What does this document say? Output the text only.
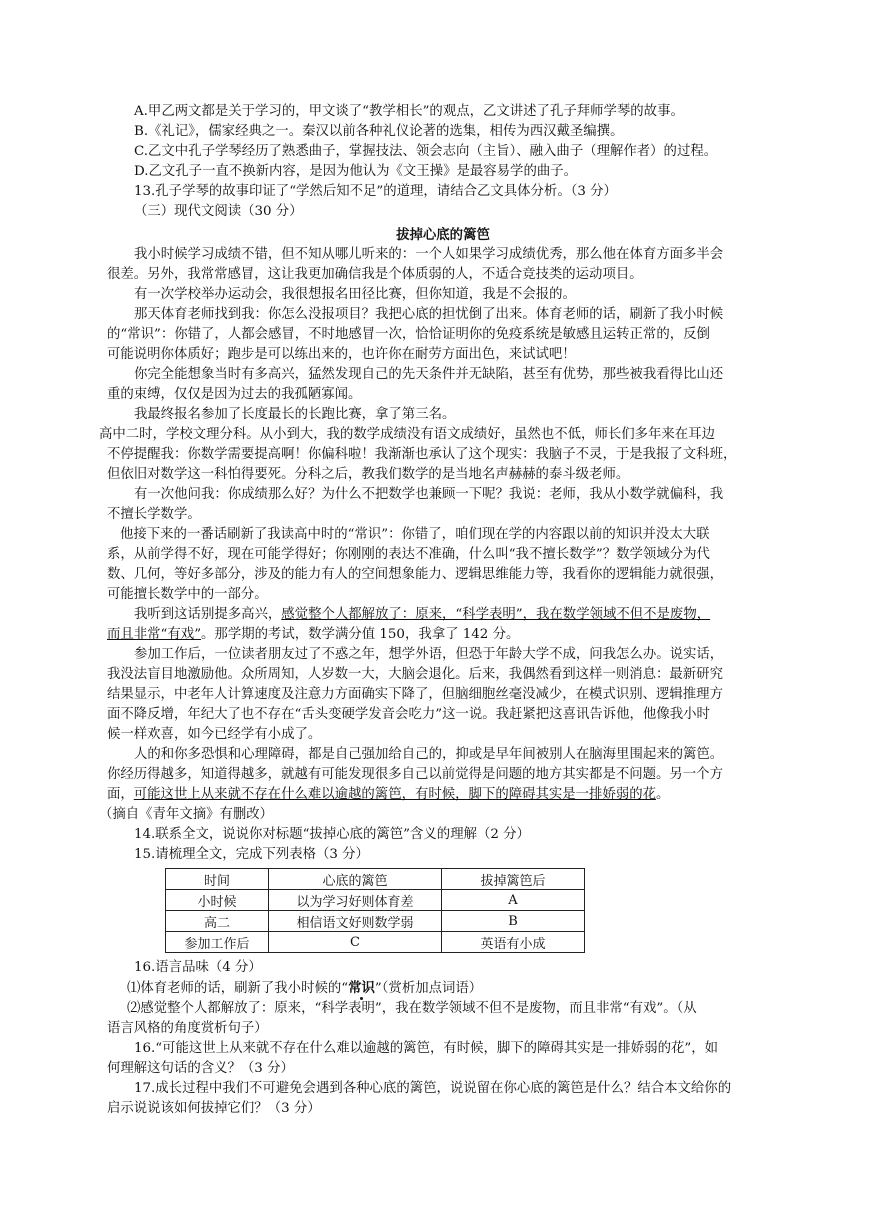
A.甲乙两文都是关于学习的，甲文谈了“教学相长”的观点，乙文讲述了孔子拜师学琴的故事。

B.《礼记》，儒家经典之一。秦汉以前各种礼仪论著的选集，相传为西汉戴圣编撰。

C.乙文中孔子学琴经历了熟悉曲子，掌握技法、领会志向（主旨）、融入曲子（理解作者）的过程。

D.乙文孔子一直不换新内容，是因为他认为《文王操》是最容易学的曲子。

13.孔子学琴的故事印证了“学然后知不足”的道理，请结合乙文具体分析。（3 分）

（三）现代文阅读（30 分）

拔掉心底的篱笆

我小时候学习成绩不错，但不知从哪儿听来的：一个人如果学习成绩优秀，那么他在体育方面多半会

很差。另外，我常常感冒，这让我更加确信我是个体质弱的人，不适合竞技类的运动项目。

有一次学校举办运动会，我很想报名田径比赛，但你知道，我是不会报的。

那天体育老师找到我：你怎么没报项目？我把心底的担忧倒了出来。体育老师的话，刷新了我小时候

的“常识”：你错了，人都会感冒，不时地感冒一次，恰恰证明你的免疫系统是敏感且运转正常的，反倒

可能说明你体质好；跑步是可以练出来的，也许你在耐劳方面出色，来试试吧！

你完全能想象当时有多高兴，猛然发现自己的先天条件并无缺陷，甚至有优势，那些被我看得比山还

重的束缚，仅仅是因为过去的我孤陋寡闻。

我最终报名参加了长度最长的长跑比赛，拿了第三名。

高中二时，学校文理分科。从小到大，我的数学成绩没有语文成绩好，虽然也不低，师长们多年来在耳边

不停提醒我：你数学需要提高啊！你偏科啦！我渐渐也承认了这个现实：我脑子不灵，于是我报了文科班，

但依旧对数学这一科怕得要死。分科之后，教我们数学的是当地名声赫赫的泰斗级老师。

有一次他问我：你成绩那么好？为什么不把数学也兼顾一下呢？我说：老师，我从小数学就偏科，我

不擅长学数学。

他接下来的一番话刷新了我读高中时的“常识”：你错了，咱们现在学的内容跟以前的知识并没太大联

系，从前学得不好，现在可能学得好；你刚刚的表达不准确，什么叫“我不擅长数学”？数学领域分为代

数、几何，等好多部分，涉及的能力有人的空间想象能力、逻辑思维能力等，我看你的逻辑能力就很强，

可能擅长数学中的一部分。

我听到这话别提多高兴，感觉整个人都解放了：原来，“科学表明”，我在数学领域不但不是废物，

而且非常“有戏”。那学期的考试，数学满分值 150，我拿了 142 分。

参加工作后，一位读者朋友过了不惑之年，想学外语，但恐于年龄大学不成，问我怎么办。说实话，

我没法盲目地激励他。众所周知，人岁数一大，大脑会退化。后来，我偶然看到这样一则消息：最新研究

结果显示，中老年人计算速度及注意力方面确实下降了，但脑细胞丝毫没减少，在模式识别、逻辑推理方

面不降反增，年纪大了也不存在“舌头变硬学发音会吃力”这一说。我赶紧把这喜讯告诉他，他像我小时

候一样欢喜，如今已经学有小成了。

人的和你多恐惧和心理障碍，都是自己强加给自己的，抑或是早年间被别人在脑海里围起来的篱笆。

你经历得越多，知道得越多，就越有可能发现很多自己以前觉得是问题的地方其实都是不问题。另一个方

面，可能这世上从来就不存在什么难以逾越的篱笆，有时候，脚下的障碍其实是一排娇弱的花。

（摘自《青年文摘》有删改）

14.联系全文，说说你对标题“拔掉心底的篱笆”含义的理解（2 分）

15.请梳理全文，完成下列表格（3 分）

时间	心底的篱笆	拔掉篱笆后
小时候	以为学习好则体育差	A
高二	相信语文好则数学弱	B
参加工作后	C	英语有小成

16.语言品味（4 分）

⑴体育老师的话，刷新了我小时候的“常识”（赏析加点词语）

⑵感觉整个人都解放了：原来，“科学表明”，我在数学领域不但不是废物，而且非常“有戏”。（从

语言风格的角度赏析句子）

16.“可能这世上从来就不存在什么难以逾越的篱笆，有时候，脚下的障碍其实是一排娇弱的花”，如

何理解这句话的含义？（3 分）

17.成长过程中我们不可避免会遇到各种心底的篱笆，说说留在你心底的篱笆是什么？结合本文给你的

启示说说该如何拔掉它们？（3 分）
